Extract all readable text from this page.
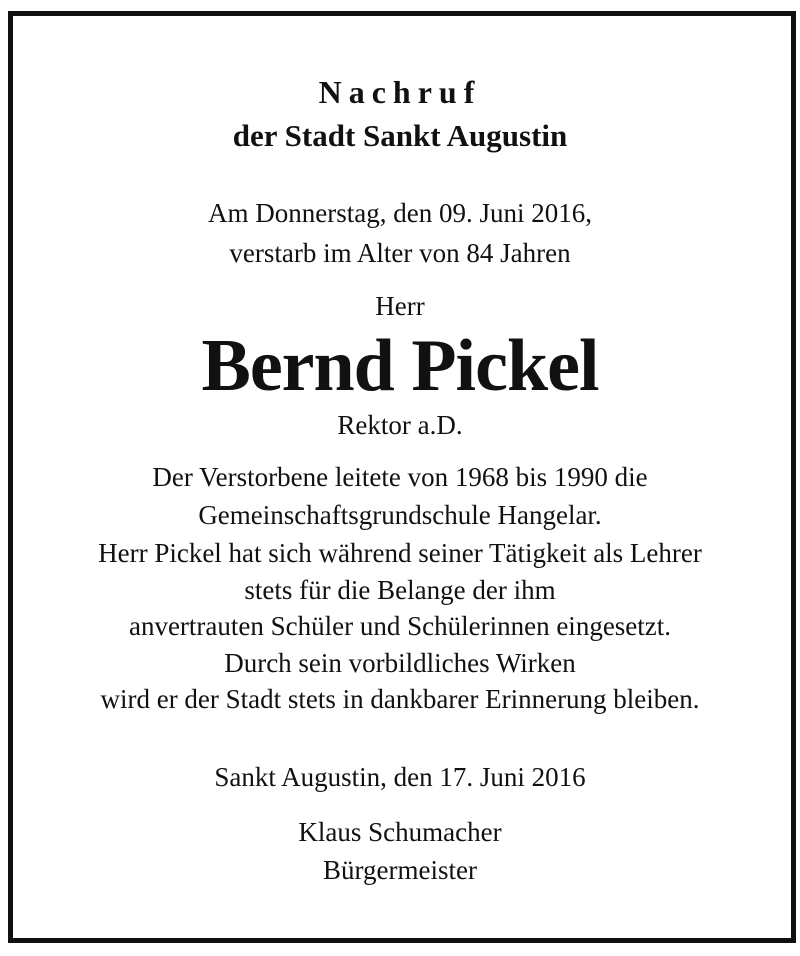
Nachruf
der Stadt Sankt Augustin
Am Donnerstag, den 09. Juni 2016,
verstarb im Alter von 84 Jahren
Herr
Bernd Pickel
Rektor a.D.
Der Verstorbene leitete von 1968 bis 1990 die
Gemeinschaftsgrundschule Hangelar.
Herr Pickel hat sich während seiner Tätigkeit als Lehrer
stets für die Belange der ihm
anvertrauten Schüler und Schülerinnen eingesetzt.
Durch sein vorbildliches Wirken
wird er der Stadt stets in dankbarer Erinnerung bleiben.
Sankt Augustin, den 17. Juni 2016
Klaus Schumacher
Bürgermeister
